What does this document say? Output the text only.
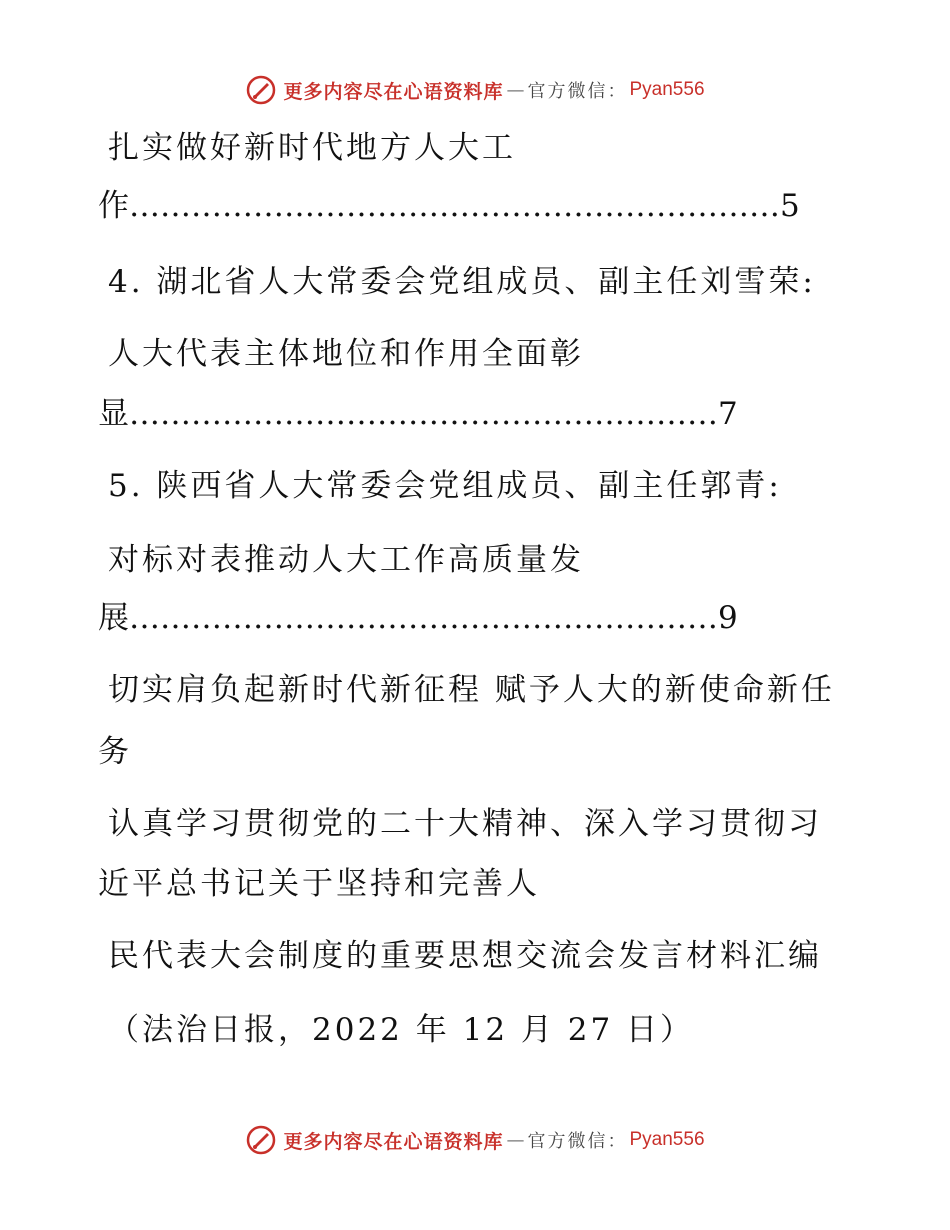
更多内容尽在心语资料库 — 官方微信： Pyan556
扎实做好新时代地方人大工
作………………………………………………………5
4. 湖北省人大常委会党组成员、副主任刘雪荣:
人大代表主体地位和作用全面彰
显…………………………………………………7
5. 陕西省人大常委会党组成员、副主任郭青:
对标对表推动人大工作高质量发
展…………………………………………………9
切实肩负起新时代新征程 赋予人大的新使命新任
务
认真学习贯彻党的二十大精神、深入学习贯彻习
近平总书记关于坚持和完善人
民代表大会制度的重要思想交流会发言材料汇编
（法治日报，2022 年 12 月 27 日）
更多内容尽在心语资料库 — 官方微信： Pyan556
